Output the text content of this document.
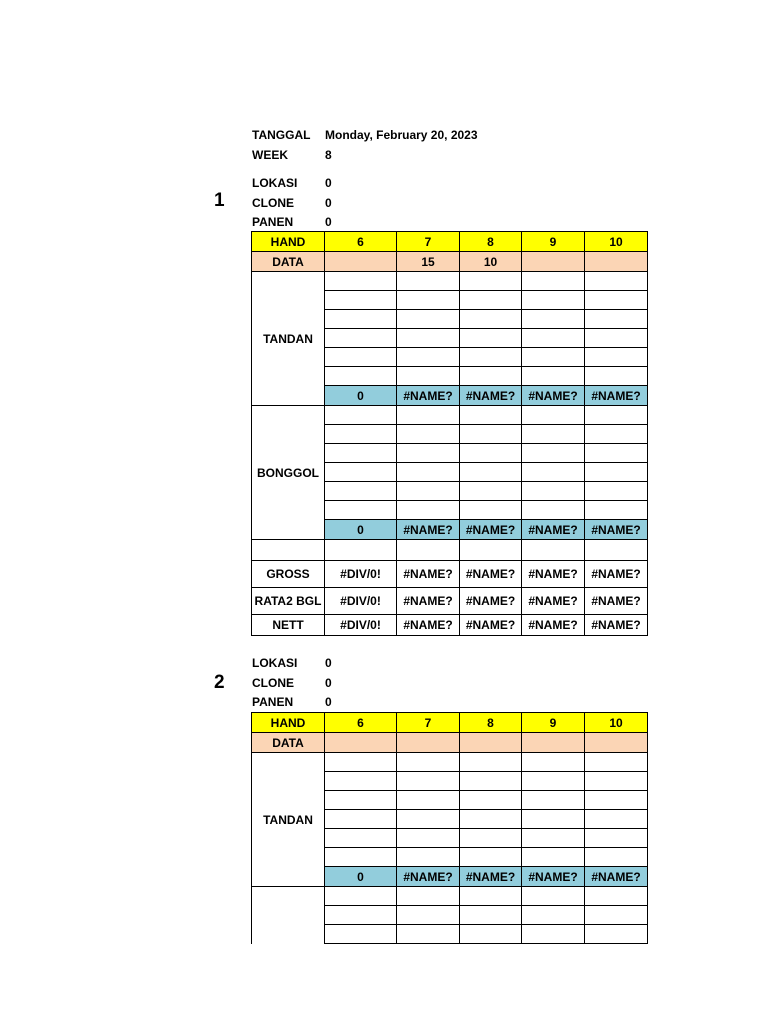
TANGGAL	Monday, February 20, 2023
WEEK	8
1
LOKASI	0
CLONE	0
PANEN	0
HAND	6	7	8	9	10
DATA		15	10		
TANDAN					

	0	#NAME?	#NAME?	#NAME?	#NAME?
BONGGOL					

	0	#NAME?	#NAME?	#NAME?	#NAME?

GROSS	#DIV/0!	#NAME?	#NAME?	#NAME?	#NAME?
RATA2 BGL	#DIV/0!	#NAME?	#NAME?	#NAME?	#NAME?
NETT	#DIV/0!	#NAME?	#NAME?	#NAME?	#NAME?
2
LOKASI	0
CLONE	0
PANEN	0
HAND	6	7	8	9	10
DATA					
TANDAN					

	0	#NAME?	#NAME?	#NAME?	#NAME?
